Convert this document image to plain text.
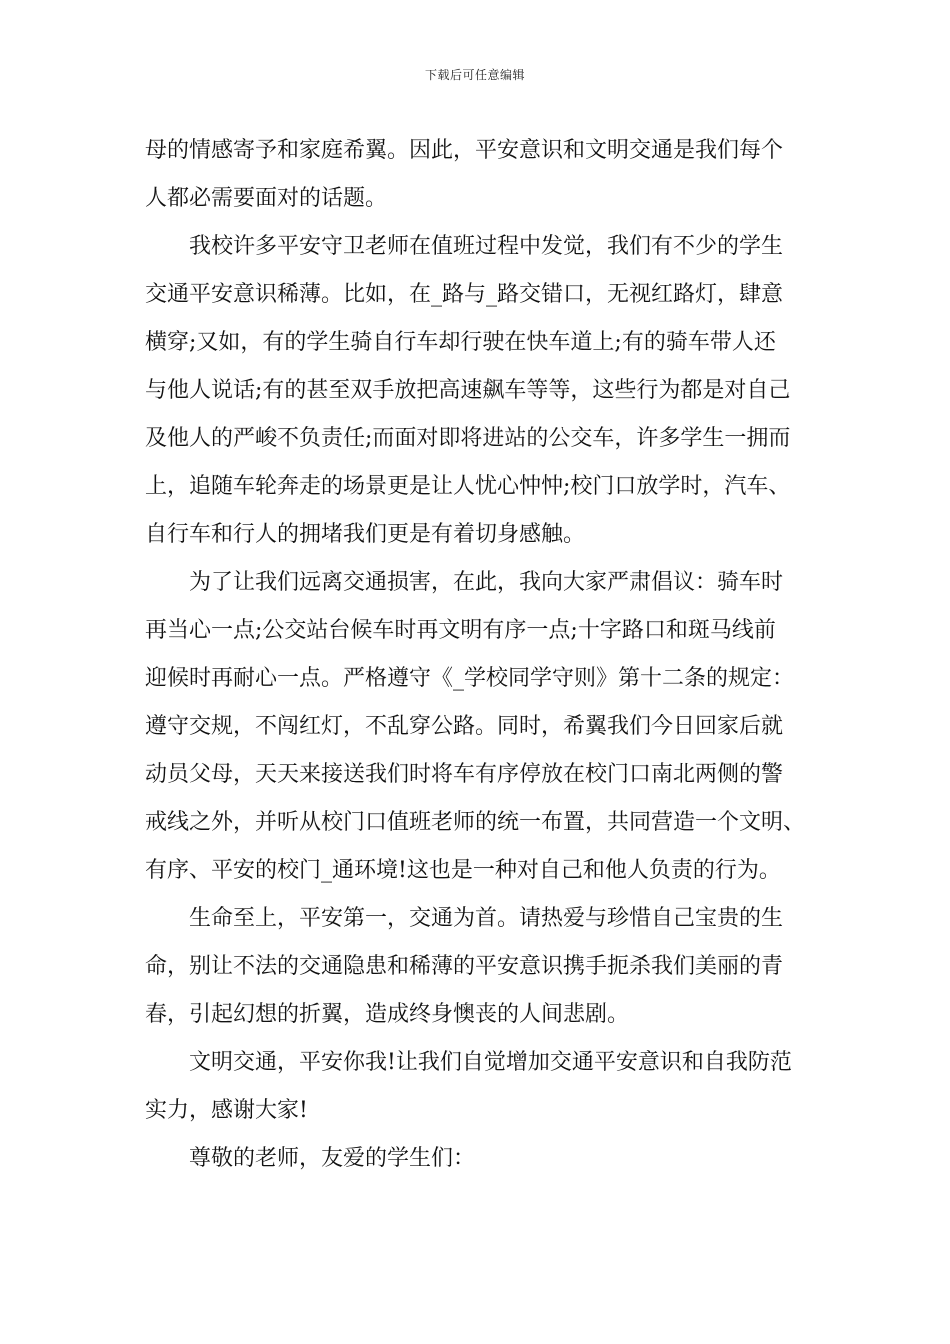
下载后可任意编辑

母的情感寄予和家庭希翼。因此，平安意识和文明交通是我们每个
人都必需要面对的话题。

我校许多平安守卫老师在值班过程中发觉，我们有不少的学生
交通平安意识稀薄。比如，在_路与_路交错口，无视红路灯，肆意
横穿;又如，有的学生骑自行车却行驶在快车道上;有的骑车带人还
与他人说话;有的甚至双手放把高速飙车等等，这些行为都是对自己
及他人的严峻不负责任;而面对即将进站的公交车，许多学生一拥而
上，追随车轮奔走的场景更是让人忧心忡忡;校门口放学时，汽车、
自行车和行人的拥堵我们更是有着切身感触。

为了让我们远离交通损害，在此，我向大家严肃倡议：骑车时
再当心一点;公交站台候车时再文明有序一点;十字路口和斑马线前
迎候时再耐心一点。严格遵守《_学校同学守则》第十二条的规定：
遵守交规，不闯红灯，不乱穿公路。同时，希翼我们今日回家后就
动员父母，天天来接送我们时将车有序停放在校门口南北两侧的警
戒线之外，并听从校门口值班老师的统一布置，共同营造一个文明、
有序、平安的校门_通环境!这也是一种对自己和他人负责的行为。

生命至上，平安第一，交通为首。请热爱与珍惜自己宝贵的生
命，别让不法的交通隐患和稀薄的平安意识携手扼杀我们美丽的青
春，引起幻想的折翼，造成终身懊丧的人间悲剧。

文明交通，平安你我!让我们自觉增加交通平安意识和自我防范
实力，感谢大家!

尊敬的老师，友爱的学生们：
